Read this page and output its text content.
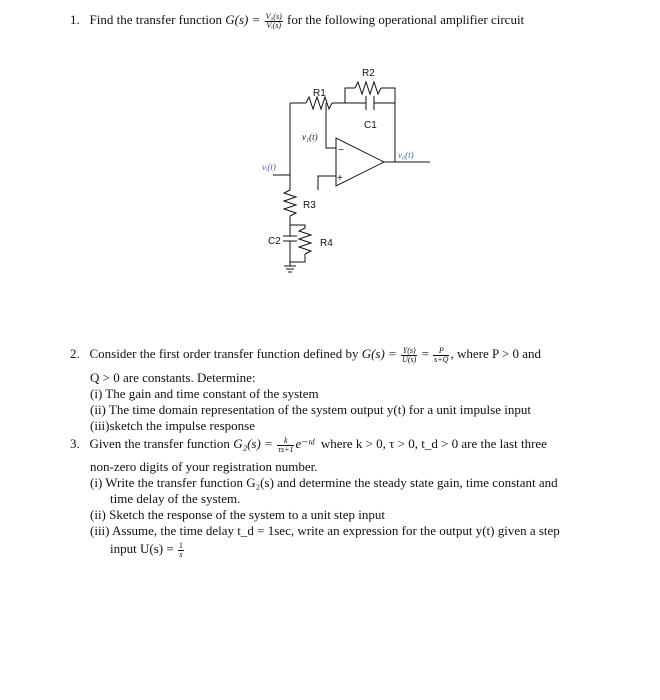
1. Find the transfer function $G(s) = \frac{\text{V₀(s)}}{\text{Vᵢ(s)}}$ for the following operational amplifier circuit
R2
R1
C1
R3
C2	R4
−
+
v₁(t)
vᵢ(t)
v₀(t)
2. Consider the first order transfer function defined by $G(s) = \frac{Y(s)}{U(s)} = \frac{P}{s+Q}$ , where P > 0 and
Q > 0 are constants. Determine:
(i) The gain and time constant of the system
(ii) The time domain representation of the system output y(t) for a unit impulse input
(iii)sketch the impulse response
3. Given the transfer function $G_2(s) = \frac{k}{\tau s+1}$ e⁻ᵗᵈ where k > 0, τ > 0, t_d > 0 are the last three
non-zero digits of your registration number.
(i) Write the transfer function G₂(s) and determine the steady state gain, time constant and
time delay of the system.
(ii) Sketch the response of the system to a unit step input
(iii) Assume, the time delay t_d = 1sec, write an expression for the output y(t) given a step
input $U(s) = \frac{1}{s}$
